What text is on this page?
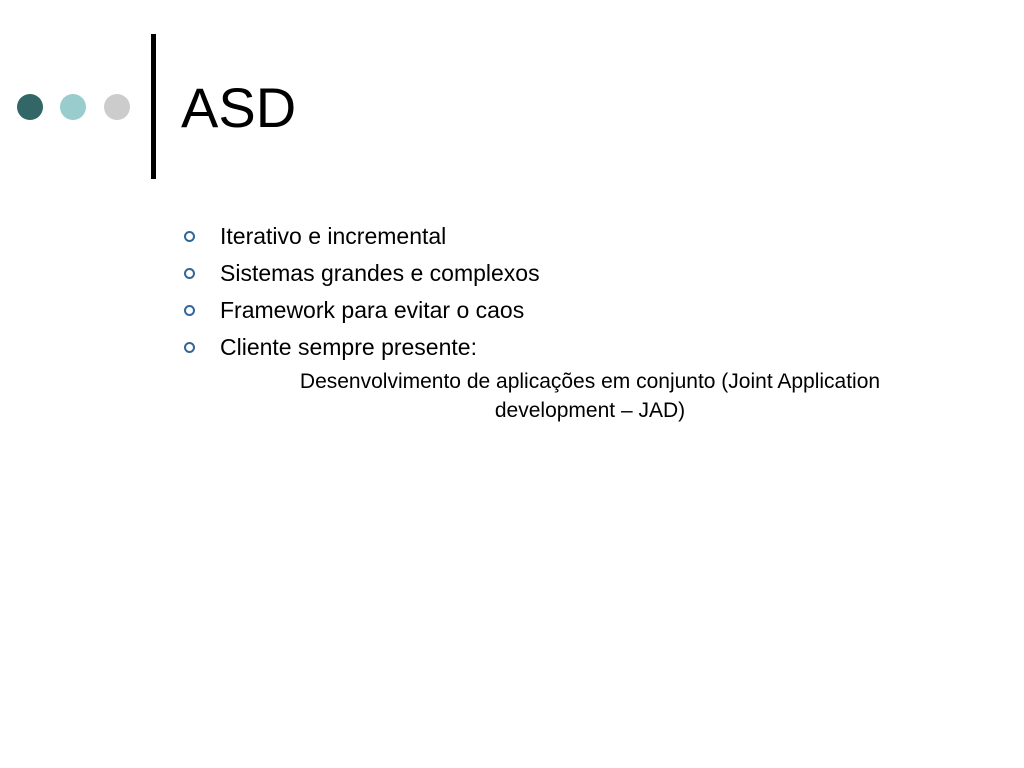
ASD
Iterativo e incremental
Sistemas grandes e complexos
Framework para evitar o caos
Cliente sempre presente:
Desenvolvimento de aplicações em conjunto (Joint Application development – JAD)
